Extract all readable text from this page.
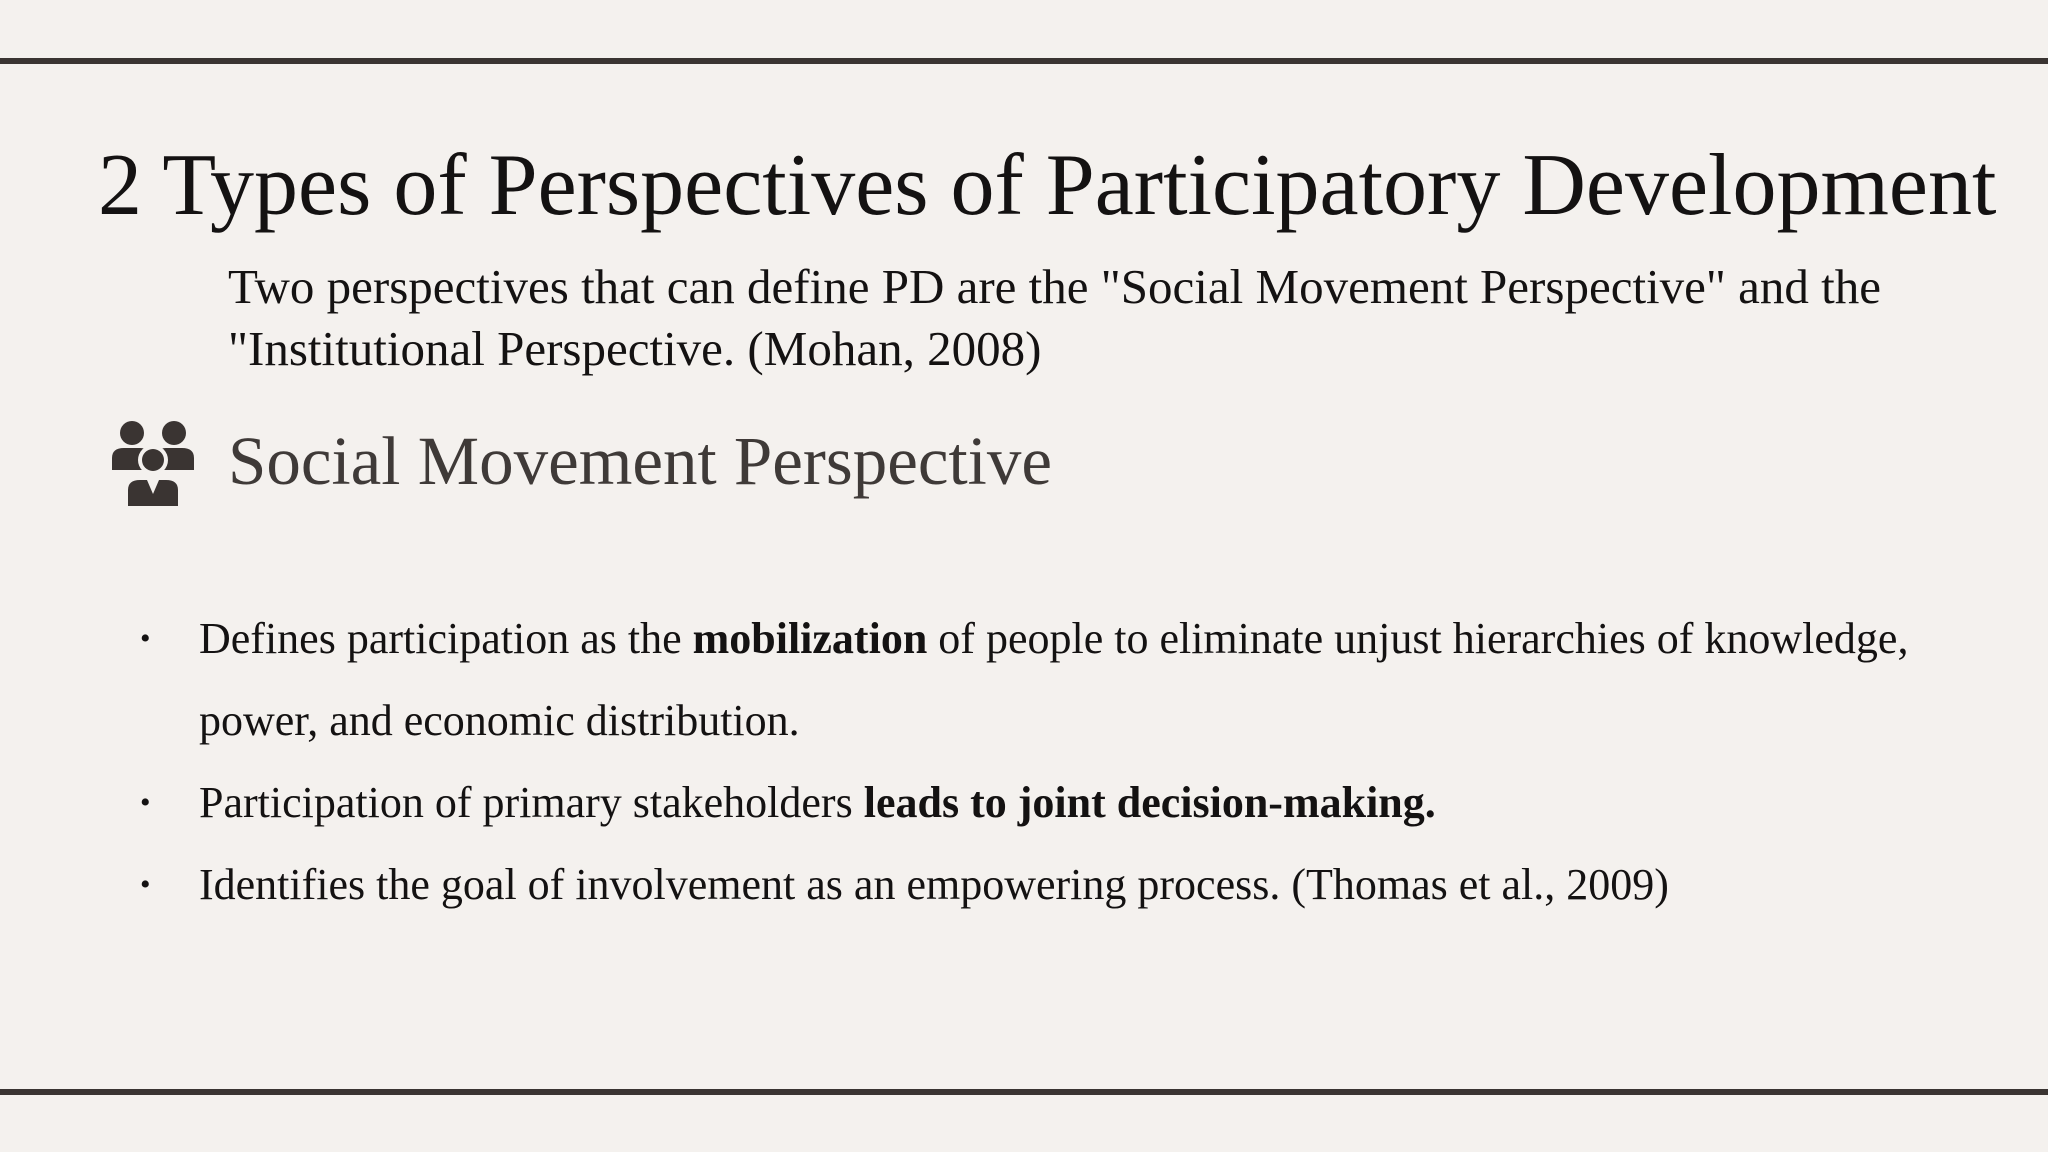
2 Types of Perspectives of Participatory Development

Two perspectives that can define PD are the "Social Movement Perspective" and the "Institutional Perspective. (Mohan, 2008)

Social Movement Perspective
• Defines participation as the mobilization of people to eliminate unjust hierarchies of knowledge, power, and economic distribution.
• Participation of primary stakeholders leads to joint decision-making.
• Identifies the goal of involvement as an empowering process. (Thomas et al., 2009)
